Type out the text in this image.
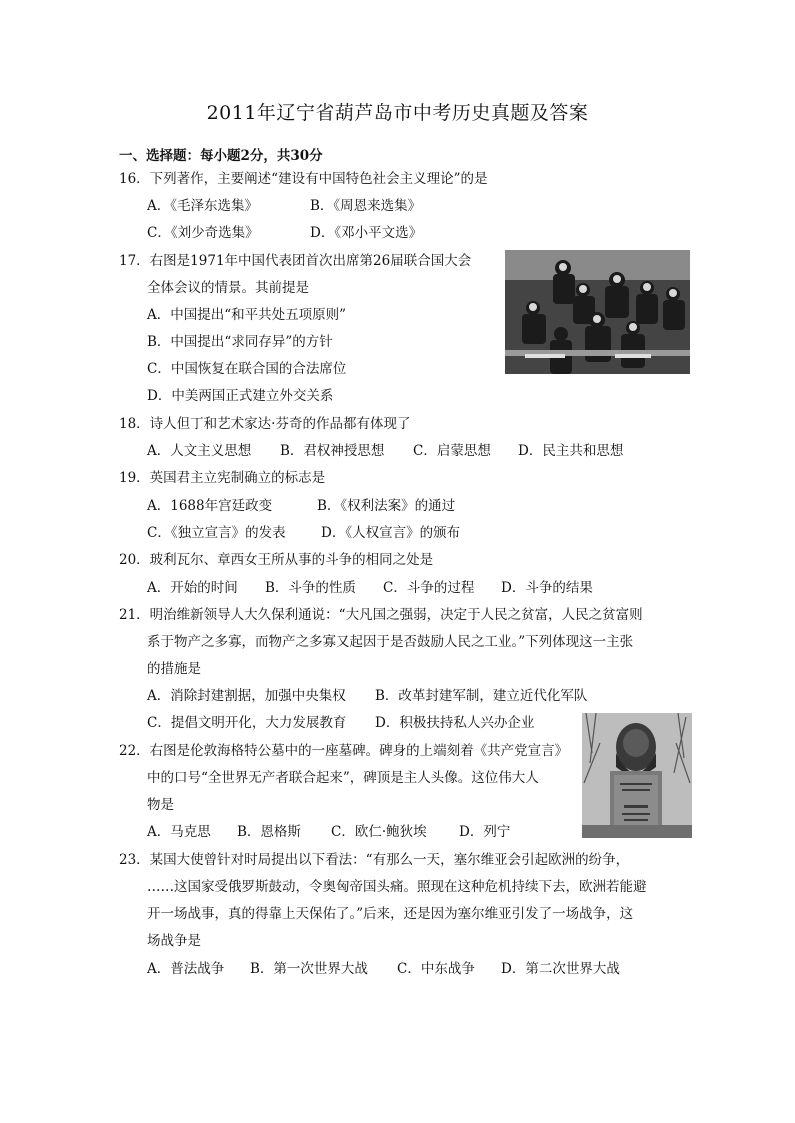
2011年辽宁省葫芦岛市中考历史真题及答案
一、选择题：每小题2分，共30分
16．下列著作，主要阐述“建设有中国特色社会主义理论”的是
A．《毛泽东选集》	B．《周恩来选集》
C．《刘少奇选集》	D．《邓小平文选》
17．右图是1971年中国代表团首次出席第26届联合国大会
全体会议的情景。其前提是
A．中国提出“和平共处五项原则”
B．中国提出“求同存异”的方针
C．中国恢复在联合国的合法席位
D．中美两国正式建立外交关系
18．诗人但丁和艺术家达·芬奇的作品都有体现了
A．人文主义思想 B．君权神授思想 C．启蒙思想 D．民主共和思想
19．英国君主立宪制确立的标志是
A．1688年宫廷政变	B．《权利法案》的通过
C．《独立宣言》的发表	D．《人权宣言》的颁布
20．玻利瓦尔、章西女王所从事的斗争的相同之处是
A．开始的时间 B．斗争的性质 C．斗争的过程 D．斗争的结果
21．明治维新领导人大久保利通说：“大凡国之强弱，决定于人民之贫富，人民之贫富则
系于物产之多寡，而物产之多寡又起因于是否鼓励人民之工业。”下列体现这一主张
的措施是
A．消除封建割据，加强中央集权 B．改革封建军制，建立近代化军队
C．提倡文明开化，大力发展教育 D．积极扶持私人兴办企业
22．右图是伦敦海格特公墓中的一座墓碑。碑身的上端刻着《共产党宣言》
中的口号“全世界无产者联合起来”，碑顶是主人头像。这位伟大人
物是
A．马克思 B．恩格斯 C．欧仁·鲍狄埃 D．列宁
23．某国大使曾针对时局提出以下看法：“有那么一天，塞尔维亚会引起欧洲的纷争，
……这国家受俄罗斯鼓动，令奥匈帝国头痛。照现在这种危机持续下去，欧洲若能避
开一场战事，真的得靠上天保佑了。”后来，还是因为塞尔维亚引发了一场战争，这
场战争是
A．普法战争 B．第一次世界大战 C．中东战争 D．第二次世界大战
